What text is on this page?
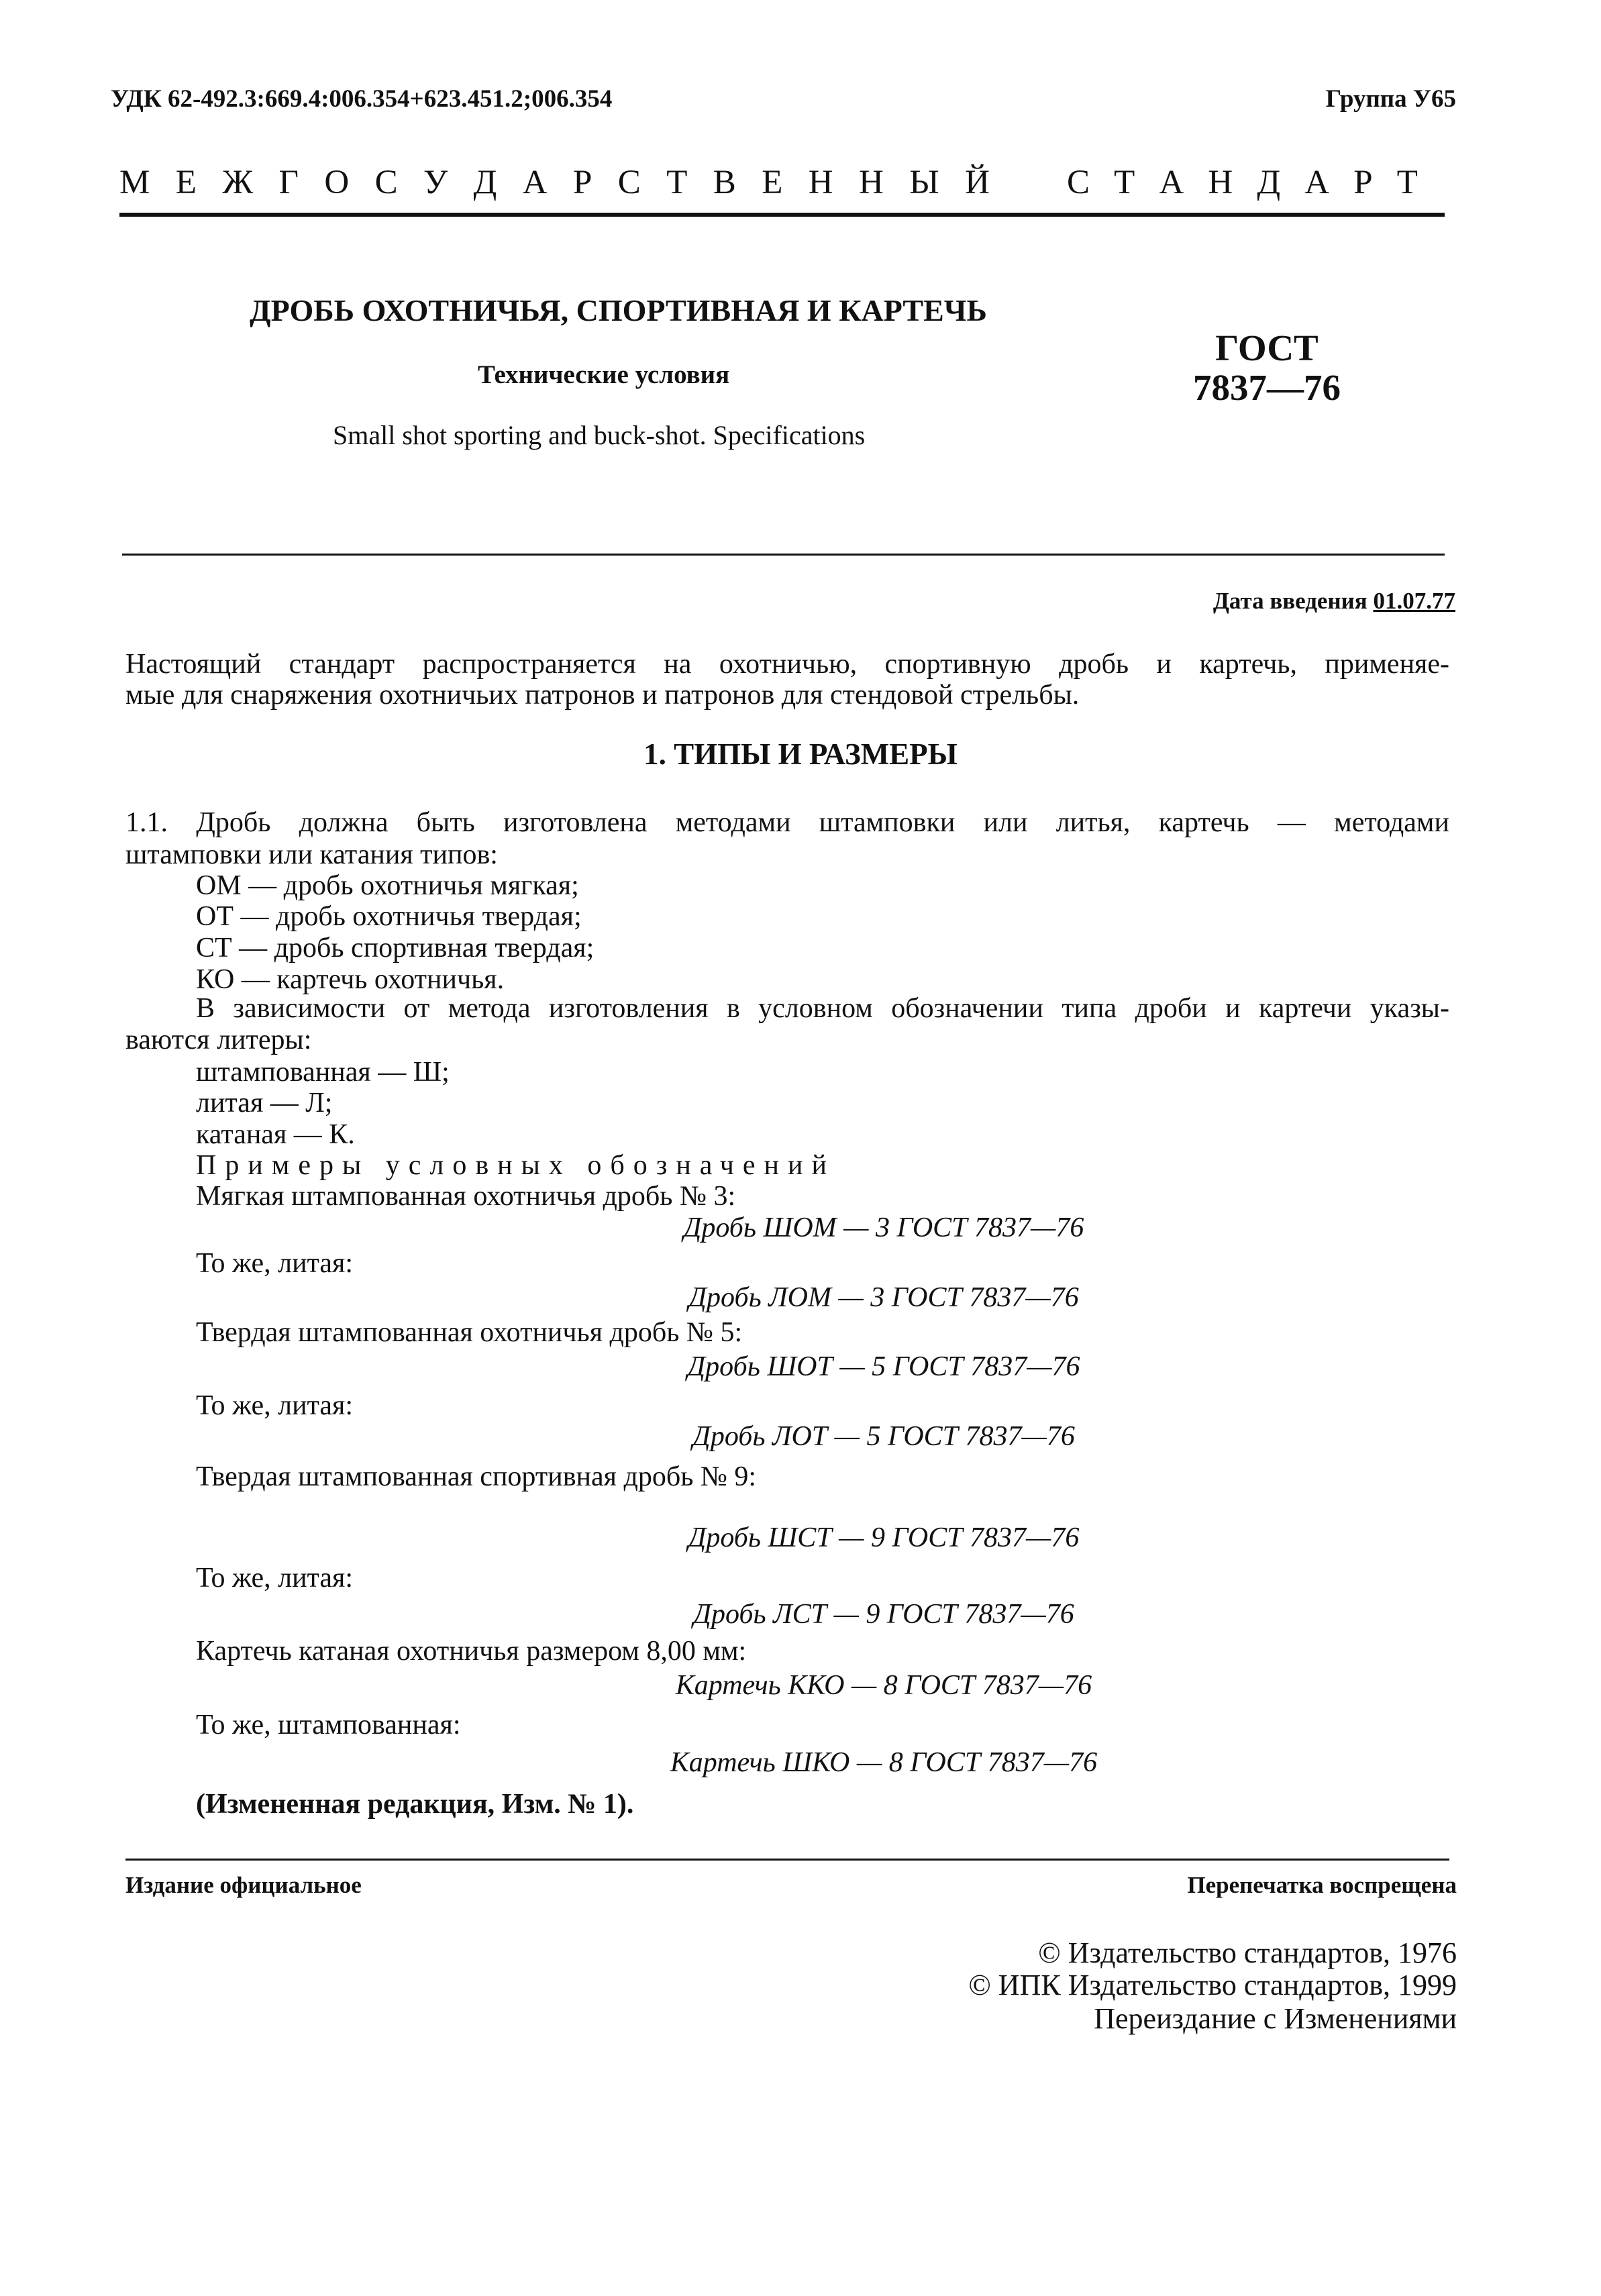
УДК 62-492.3:669.4:006.354+623.451.2;006.354	Группа У65
М Е Ж Г О С У Д А Р С Т В Е Н Н Ы Й С Т А Н Д А Р Т
ДРОБЬ ОХОТНИЧЬЯ, СПОРТИВНАЯ И КАРТЕЧЬ
Технические условия
Small shot sporting and buck-shot. Specifications
ГОСТ
7837—76
Дата введения 01.07.77
Настоящий стандарт распространяется на охотничью, спортивную дробь и картечь, применяе-
мые для снаряжения охотничьих патронов и патронов для стендовой стрельбы.
1. ТИПЫ И РАЗМЕРЫ
1.1. Дробь должна быть изготовлена методами штамповки или литья, картечь — методами
штамповки или катания типов:
ОМ — дробь охотничья мягкая;
ОТ — дробь охотничья твердая;
СТ — дробь спортивная твердая;
КО — картечь охотничья.
В зависимости от метода изготовления в условном обозначении типа дроби и картечи указы-
ваются литеры:
штампованная — Ш;
литая — Л;
катаная — К.
Примеры условных обозначений
Мягкая штампованная охотничья дробь № 3:
Дробь ШОМ — 3 ГОСТ 7837—76
То же, литая:
Дробь ЛОМ — 3 ГОСТ 7837—76
Твердая штампованная охотничья дробь № 5:
Дробь ШОТ — 5 ГОСТ 7837—76
То же, литая:
Дробь ЛОТ — 5 ГОСТ 7837—76
Твердая штампованная спортивная дробь № 9:
Дробь ШСТ — 9 ГОСТ 7837—76
То же, литая:
Дробь ЛСТ — 9 ГОСТ 7837—76
Картечь катаная охотничья размером 8,00 мм:
Картечь ККО — 8 ГОСТ 7837—76
То же, штампованная:
Картечь ШКО — 8 ГОСТ 7837—76
(Измененная редакция, Изм. № 1).
Издание официальное	Перепечатка воспрещена
© Издательство стандартов, 1976
© ИПК Издательство стандартов, 1999
Переиздание с Изменениями
